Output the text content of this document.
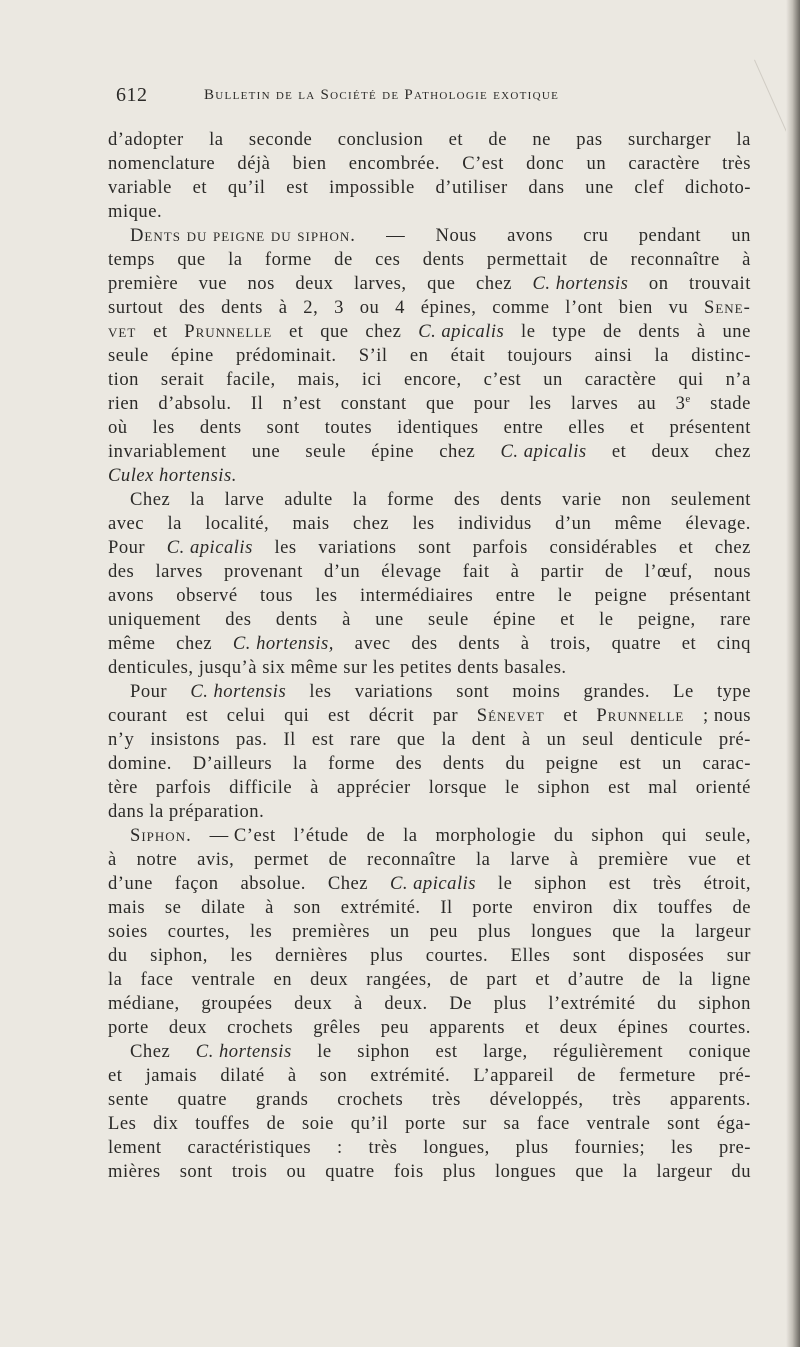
612	Bulletin de la Société de Pathologie exotique
d’adopter la seconde conclusion et de ne pas surcharger la
nomenclature déjà bien encombrée. C’est donc un caractère très
variable et qu’il est impossible d’utiliser dans une clef dichoto-
mique.
Dents du peigne du siphon. — Nous avons cru pendant un
temps que la forme de ces dents permettait de reconnaître à
première vue nos deux larves, que chez C. hortensis on trouvait
surtout des dents à 2, 3 ou 4 épines, comme l’ont bien vu Sene-
vet et Prunnelle et que chez C. apicalis le type de dents à une
seule épine prédominait. S’il en était toujours ainsi la distinc-
tion serait facile, mais, ici encore, c’est un caractère qui n’a
rien d’absolu. Il n’est constant que pour les larves au 3e stade
où les dents sont toutes identiques entre elles et présentent
invariablement une seule épine chez C. apicalis et deux chez
Culex hortensis.
Chez la larve adulte la forme des dents varie non seulement
avec la localité, mais chez les individus d’un même élevage.
Pour C. apicalis les variations sont parfois considérables et chez
des larves provenant d’un élevage fait à partir de l’œuf, nous
avons observé tous les intermédiaires entre le peigne présentant
uniquement des dents à une seule épine et le peigne, rare
même chez C. hortensis, avec des dents à trois, quatre et cinq
denticules, jusqu’à six même sur les petites dents basales.
Pour C. hortensis les variations sont moins grandes. Le type
courant est celui qui est décrit par Sénevet et Prunnelle ; nous
n’y insistons pas. Il est rare que la dent à un seul denticule pré-
domine. D’ailleurs la forme des dents du peigne est un carac-
tère parfois difficile à apprécier lorsque le siphon est mal orienté
dans la préparation.
Siphon. — C’est l’étude de la morphologie du siphon qui seule,
à notre avis, permet de reconnaître la larve à première vue et
d’une façon absolue. Chez C. apicalis le siphon est très étroit,
mais se dilate à son extrémité. Il porte environ dix touffes de
soies courtes, les premières un peu plus longues que la largeur
du siphon, les dernières plus courtes. Elles sont disposées sur
la face ventrale en deux rangées, de part et d’autre de la ligne
médiane, groupées deux à deux. De plus l’extrémité du siphon
porte deux crochets grêles peu apparents et deux épines courtes.
Chez C. hortensis le siphon est large, régulièrement conique
et jamais dilaté à son extrémité. L’appareil de fermeture pré-
sente quatre grands crochets très développés, très apparents.
Les dix touffes de soie qu’il porte sur sa face ventrale sont éga-
lement caractéristiques : très longues, plus fournies; les pre-
mières sont trois ou quatre fois plus longues que la largeur du
